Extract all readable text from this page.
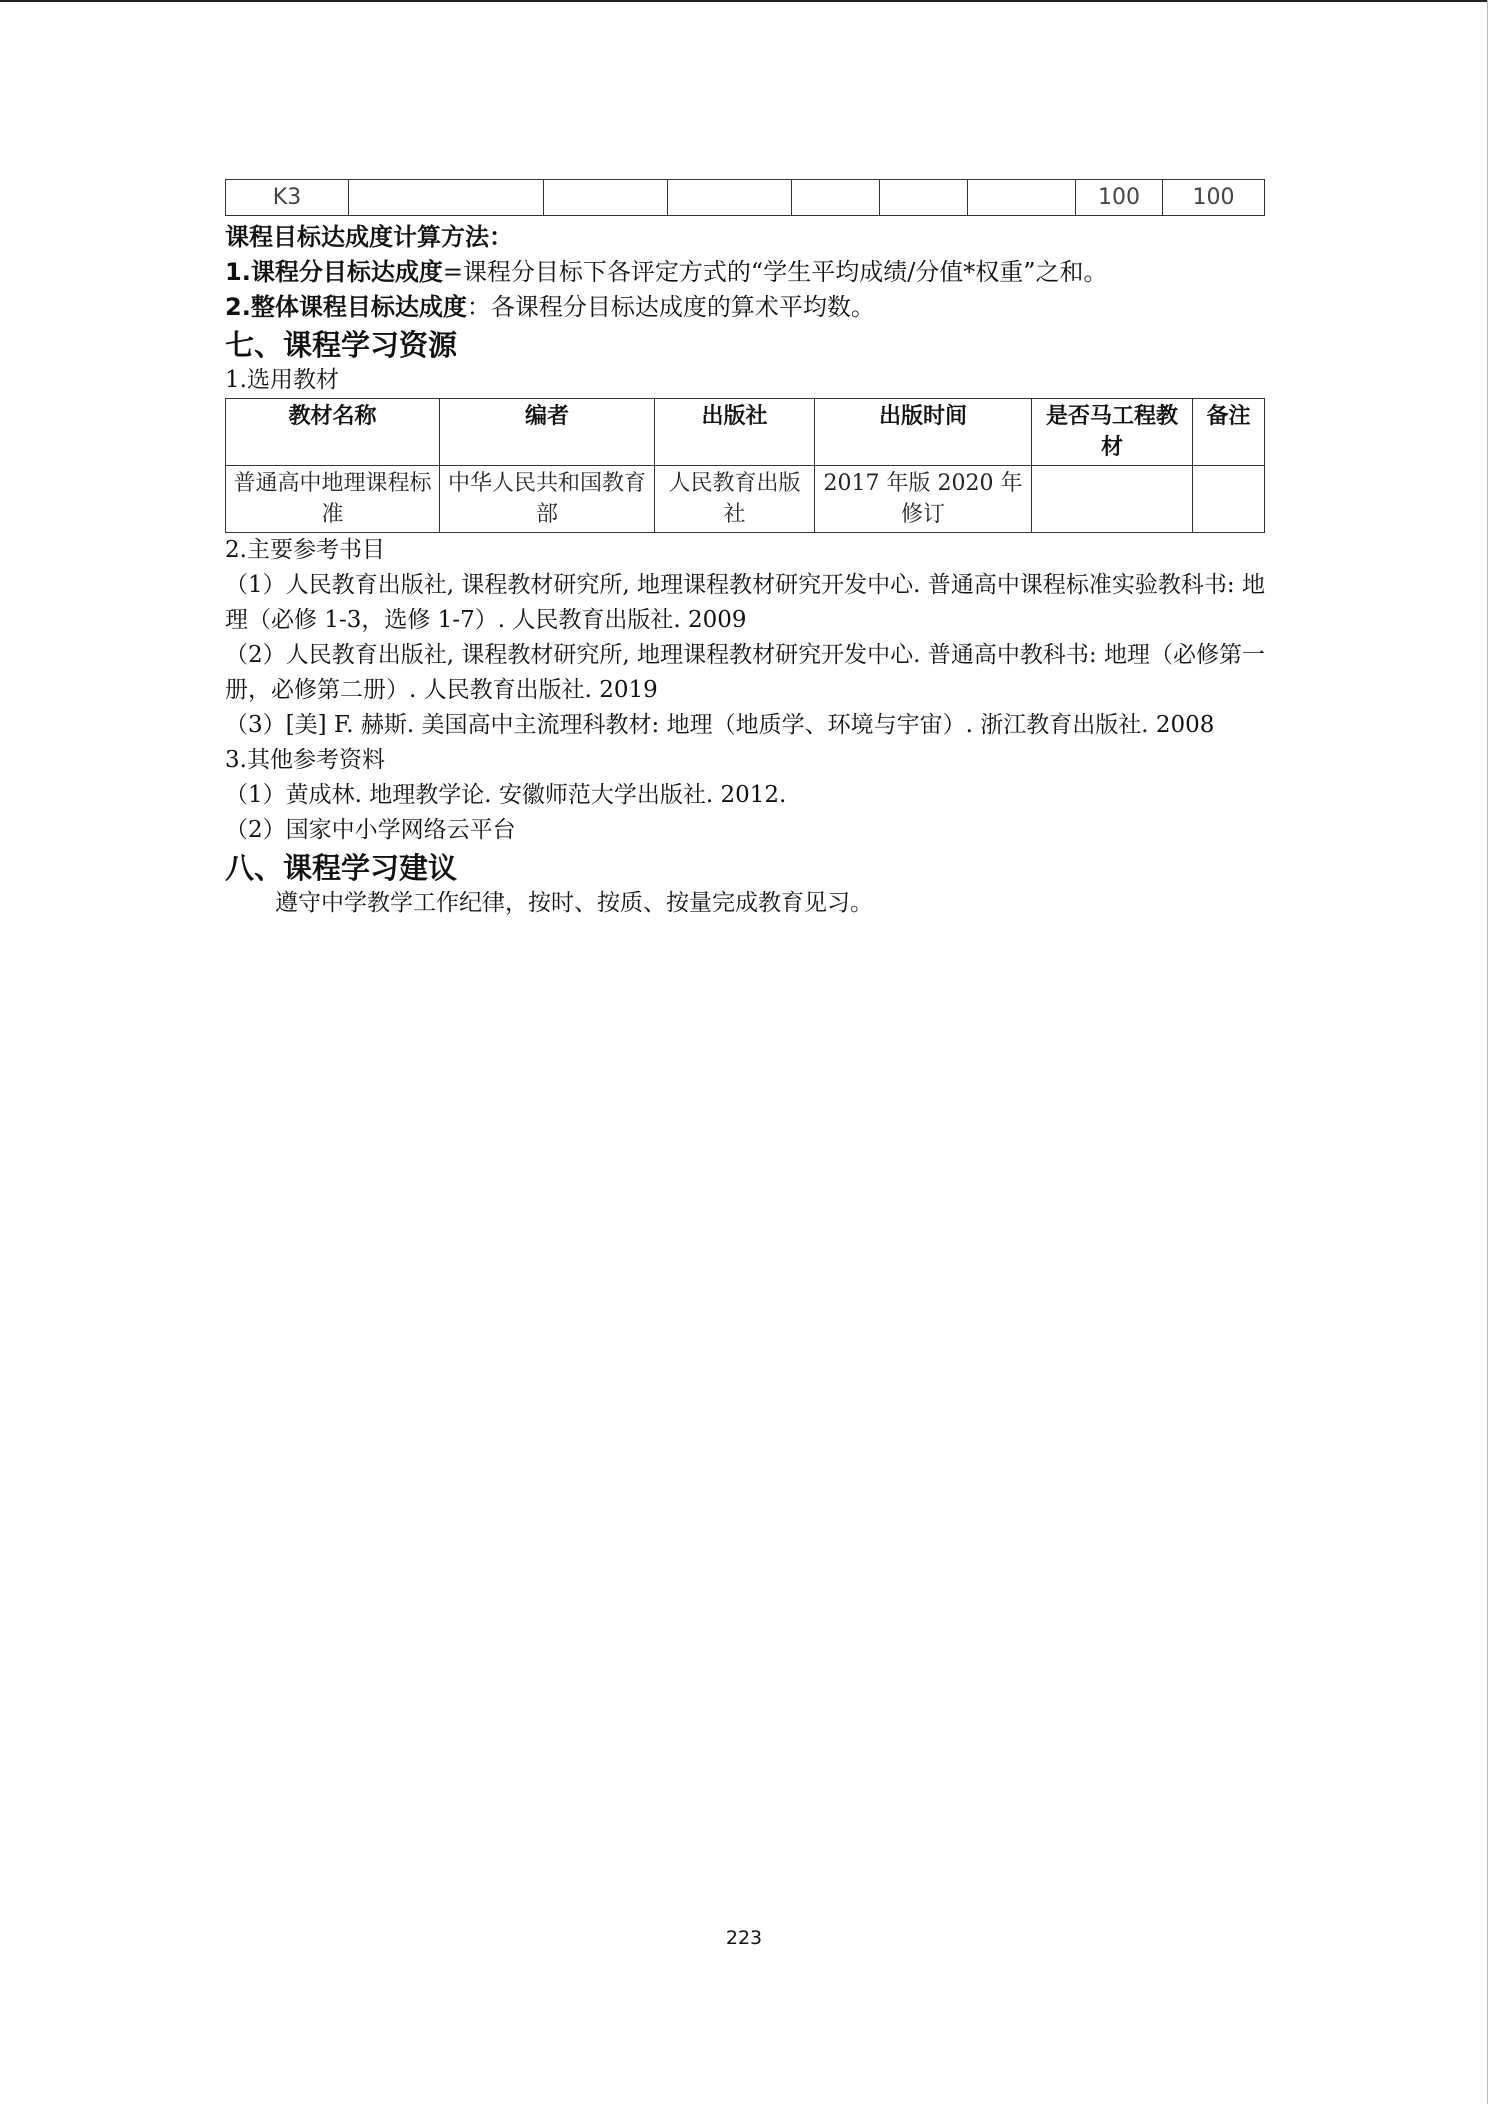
K3							100	100
课程目标达成度计算方法：
1.课程分目标达成度=课程分目标下各评定方式的“学生平均成绩/分值*权重”之和。
2.整体课程目标达成度：各课程分目标达成度的算术平均数。
七、课程学习资源
1.选用教材
教材名称	编者	出版社	出版时间	是否马工程教材	备注
普通高中地理课程标准	中华人民共和国教育部	人民教育出版社	2017 年版 2020 年修订		
2.主要参考书目
（1）人民教育出版社, 课程教材研究所, 地理课程教材研究开发中心. 普通高中课程标准实验教科书: 地理（必修 1-3，选修 1-7）. 人民教育出版社. 2009
（2）人民教育出版社, 课程教材研究所, 地理课程教材研究开发中心. 普通高中教科书: 地理（必修第一册，必修第二册）. 人民教育出版社. 2019
（3）[美] F. 赫斯. 美国高中主流理科教材: 地理（地质学、环境与宇宙）. 浙江教育出版社. 2008
3.其他参考资料
（1）黄成林. 地理教学论. 安徽师范大学出版社. 2012.
（2）国家中小学网络云平台
八、课程学习建议
遵守中学教学工作纪律，按时、按质、按量完成教育见习。
223
